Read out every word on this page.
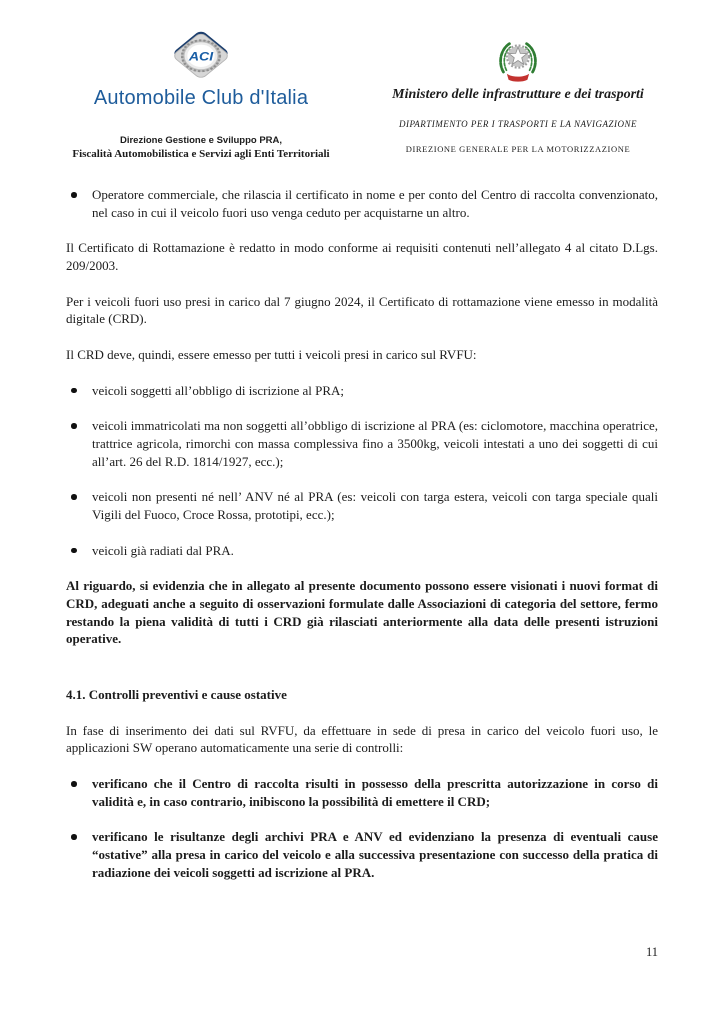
ACI
Automobile Club d'Italia
Direzione Gestione e Sviluppo PRA,
Fiscalità Automobilistica e Servizi agli Enti Territoriali
Ministero delle infrastrutture e dei trasporti
DIPARTIMENTO PER I TRASPORTI E LA NAVIGAZIONE
DIREZIONE GENERALE PER LA MOTORIZZAZIONE

Operatore commerciale, che rilascia il certificato in nome e per conto del Centro di raccolta convenzionato, nel caso in cui il veicolo fuori uso venga ceduto per acquistarne un altro.

Il Certificato di Rottamazione è redatto in modo conforme ai requisiti contenuti nell’allegato 4 al citato D.Lgs. 209/2003.

Per i veicoli fuori uso presi in carico dal 7 giugno 2024, il Certificato di rottamazione viene emesso in modalità digitale (CRD).

Il CRD deve, quindi, essere emesso per tutti i veicoli presi in carico sul RVFU:

veicoli soggetti all’obbligo di iscrizione al PRA;

veicoli immatricolati ma non soggetti all’obbligo di iscrizione al PRA (es: ciclomotore, macchina operatrice, trattrice agricola, rimorchi con massa complessiva fino a 3500kg, veicoli intestati a uno dei soggetti di cui all’art. 26 del R.D. 1814/1927, ecc.);

veicoli non presenti né nell’ ANV né al PRA (es: veicoli con targa estera, veicoli con targa speciale quali Vigili del Fuoco, Croce Rossa, prototipi, ecc.);

veicoli già radiati dal PRA.

Al riguardo, si evidenzia che in allegato al presente documento possono essere visionati i nuovi format di CRD, adeguati anche a seguito di osservazioni formulate dalle Associazioni di categoria del settore, fermo restando la piena validità di tutti i CRD già rilasciati anteriormente alla data delle presenti istruzioni operative.

4.1. Controlli preventivi e cause ostative

In fase di inserimento dei dati sul RVFU, da effettuare in sede di presa in carico del veicolo fuori uso, le applicazioni SW operano automaticamente una serie di controlli:

verificano che il Centro di raccolta risulti in possesso della prescritta autorizzazione in corso di validità e, in caso contrario, inibiscono la possibilità di emettere il CRD;

verificano le risultanze degli archivi PRA e ANV ed evidenziano la presenza di eventuali cause “ostative” alla presa in carico del veicolo e alla successiva presentazione con successo della pratica di radiazione dei veicoli soggetti ad iscrizione al PRA.

11
